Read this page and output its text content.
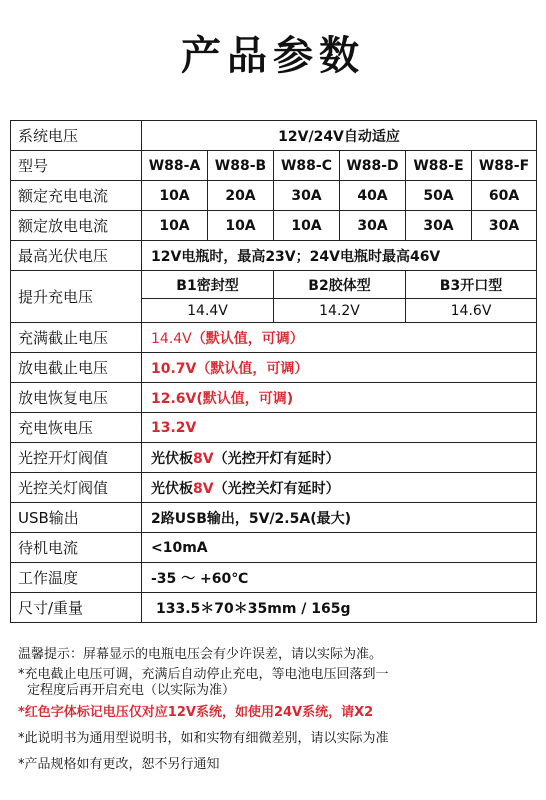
产品参数
系统电压	12V/24V自动适应					
型号	W88-A	W88-B	W88-C	W88-D	W88-E	W88-F
额定充电电流	10A	20A	30A	40A	50A	60A
额定放电电流	10A	10A	10A	30A	30A	30A
最高光伏电压	12V电瓶时，最高23V；24V电瓶时最高46V					
提升充电压	B1密封型		B2胶体型		B3开口型	
	14.4V		14.2V		14.6V	
充满截止电压	14.4V（默认值，可调）					
放电截止电压	10.7V（默认值，可调）					
放电恢复电压	12.6V(默认值，可调)					
充电恢电压	13.2V					
光控开灯阀值	光伏板8V（光控开灯有延时）					
光控关灯阀值	光伏板8V（光控关灯有延时）					
USB输出	2路USB输出，5V/2.5A(最大)					
待机电流	<10mA					
工作温度	-35 ～ +60℃					
尺寸/重量	133.5＊70＊35mm / 165g					
温馨提示：屏幕显示的电瓶电压会有少许误差，请以实际为准。
*充电截止电压可调，充满后自动停止充电，等电池电压回落到一
定程度后再开启充电（以实际为准）
*红色字体标记电压仅对应12V系统，如使用24V系统，请X2
*此说明书为通用型说明书，如和实物有细微差别，请以实际为准
*产品规格如有更改，恕不另行通知
